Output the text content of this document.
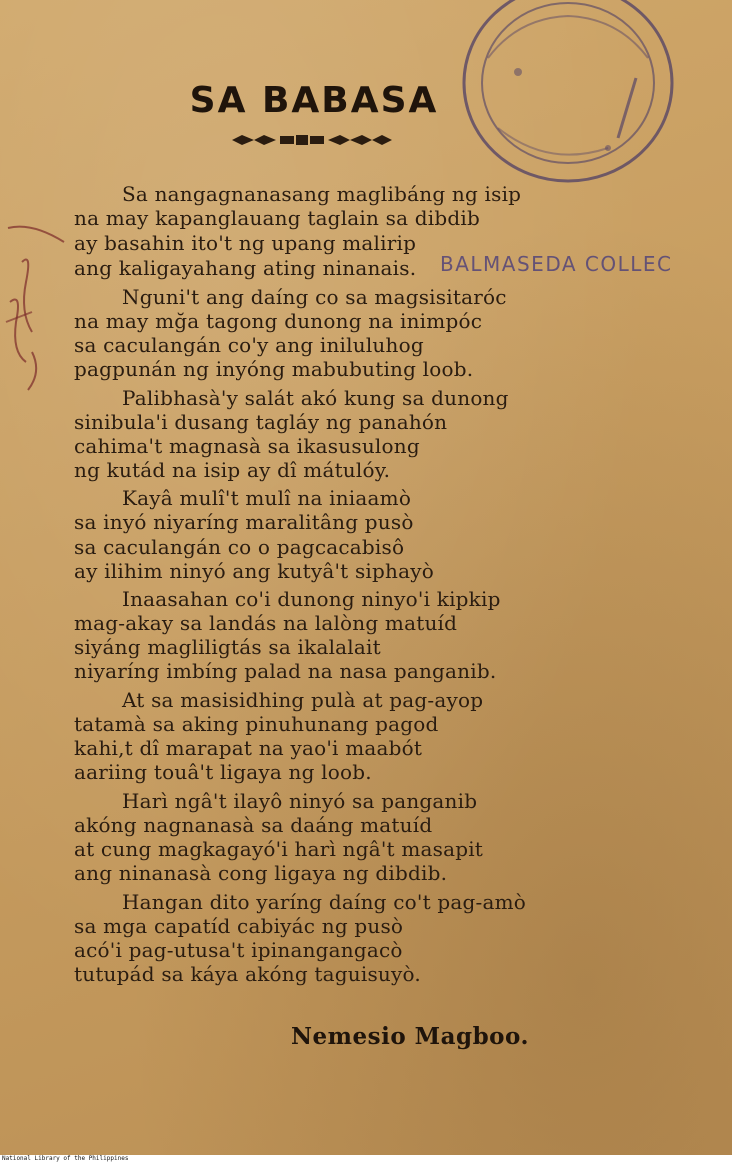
SA BABASA
Sa nangagnanasang maglibáng ng isip
na may kapanglauang taglain sa dibdib
ay basahin ito't ng upang malirip
ang kaligayahang ating ninanais.
Nguni't ang daíng co sa magsisitaróc
na may mğa tagong dunong na inimpóc
sa caculangán co'y ang iniluluhog
pagpunán ng inyóng mabubuting loob.
Palibhasà'y salát akó kung sa dunong
sinibula'i dusang tagláy ng panahón
cahima't magnasà sa ikasusulong
ng kutád na isip ay dî mátulóy.
Kayâ mulî't mulî na iniaamò
sa inyó niyaríng maralitâng pusò
sa caculangán co o pagcacabisô
ay ilihim ninyó ang kutyâ't siphayò
Inaasahan co'i dunong ninyo'i kipkip
mag-akay sa landás na lalòng matuíd
siyáng magliligtás sa ikalalait
niyaríng imbíng palad na nasa panganib.
At sa masisidhing pulà at pag-ayop
tatamà sa aking pinuhunang pagod
kahi,t dî marapat na yao'i maabót
aariing touâ't ligaya ng loob.
Harì ngâ't ilayô ninyó sa panganib
akóng nagnanasà sa daáng matuíd
at cung magkagayó'i harì ngâ't masapit
ang ninanasà cong ligaya ng dibdib.
Hangan dito yaríng daíng co't pag-amò
sa mga capatíd cabiyác ng pusò
acó'i pag-utusa't ipinangangacò
tutupád sa káya akóng taguisuyò.
BALMASEDA COLLEC
Nemesio Magboo.
National Library of the Philippines
